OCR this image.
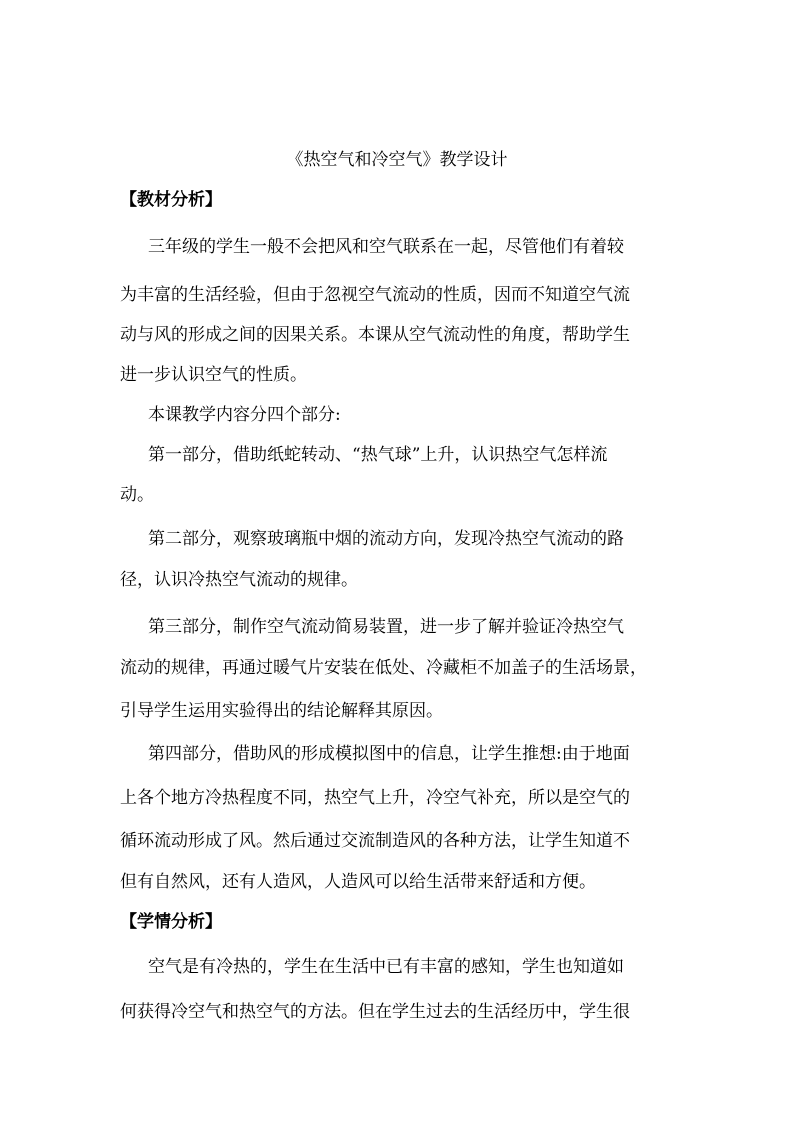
《热空气和冷空气》教学设计
【教材分析】
三年级的学生一般不会把风和空气联系在一起，尽管他们有着较
为丰富的生活经验，但由于忽视空气流动的性质，因而不知道空气流
动与风的形成之间的因果关系。本课从空气流动性的角度，帮助学生
进一步认识空气的性质。
本课教学内容分四个部分:
第一部分，借助纸蛇转动、“热气球”上升，认识热空气怎样流
动。
第二部分，观察玻璃瓶中烟的流动方向，发现冷热空气流动的路
径，认识冷热空气流动的规律。
第三部分，制作空气流动简易装置，进一步了解并验证冷热空气
流动的规律，再通过暖气片安装在低处、冷藏柜不加盖子的生活场景，
引导学生运用实验得出的结论解释其原因。
第四部分，借助风的形成模拟图中的信息，让学生推想:由于地面
上各个地方冷热程度不同，热空气上升，冷空气补充，所以是空气的
循环流动形成了风。然后通过交流制造风的各种方法，让学生知道不
但有自然风，还有人造风，人造风可以给生活带来舒适和方便。
【学情分析】
空气是有冷热的，学生在生活中已有丰富的感知，学生也知道如
何获得冷空气和热空气的方法。但在学生过去的生活经历中，学生很
